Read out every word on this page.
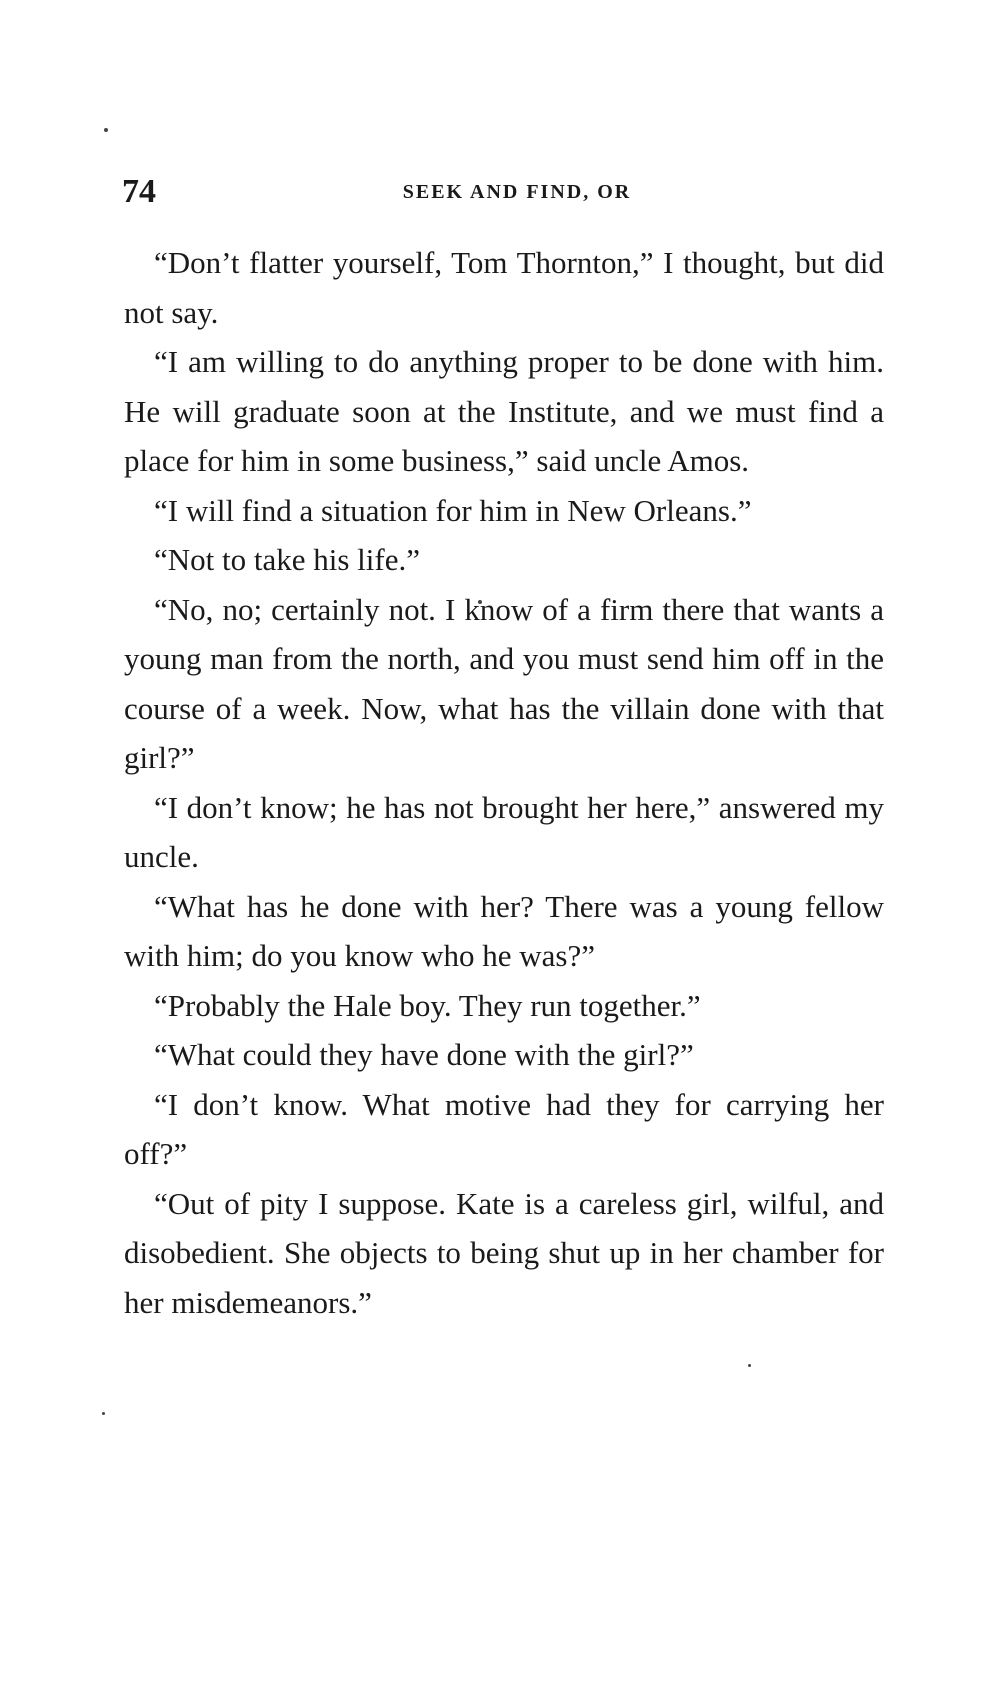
74	SEEK AND FIND, OR

“Don’t flatter yourself, Tom Thornton,” I thought, but did not say.

“I am willing to do anything proper to be done with him. He will graduate soon at the Institute, and we must find a place for him in some business,” said uncle Amos.

“I will find a situation for him in New Orleans.”

“Not to take his life.”

“No, no; certainly not. I know of a firm there that wants a young man from the north, and you must send him off in the course of a week. Now, what has the villain done with that girl?”

“I don’t know; he has not brought her here,” answered my uncle.

“What has he done with her? There was a young fellow with him; do you know who he was?”

“Probably the Hale boy. They run together.”

“What could they have done with the girl?”

“I don’t know. What motive had they for carrying her off?”

“Out of pity I suppose. Kate is a careless girl, wilful, and disobedient. She objects to being shut up in her chamber for her misdemeanors.”
